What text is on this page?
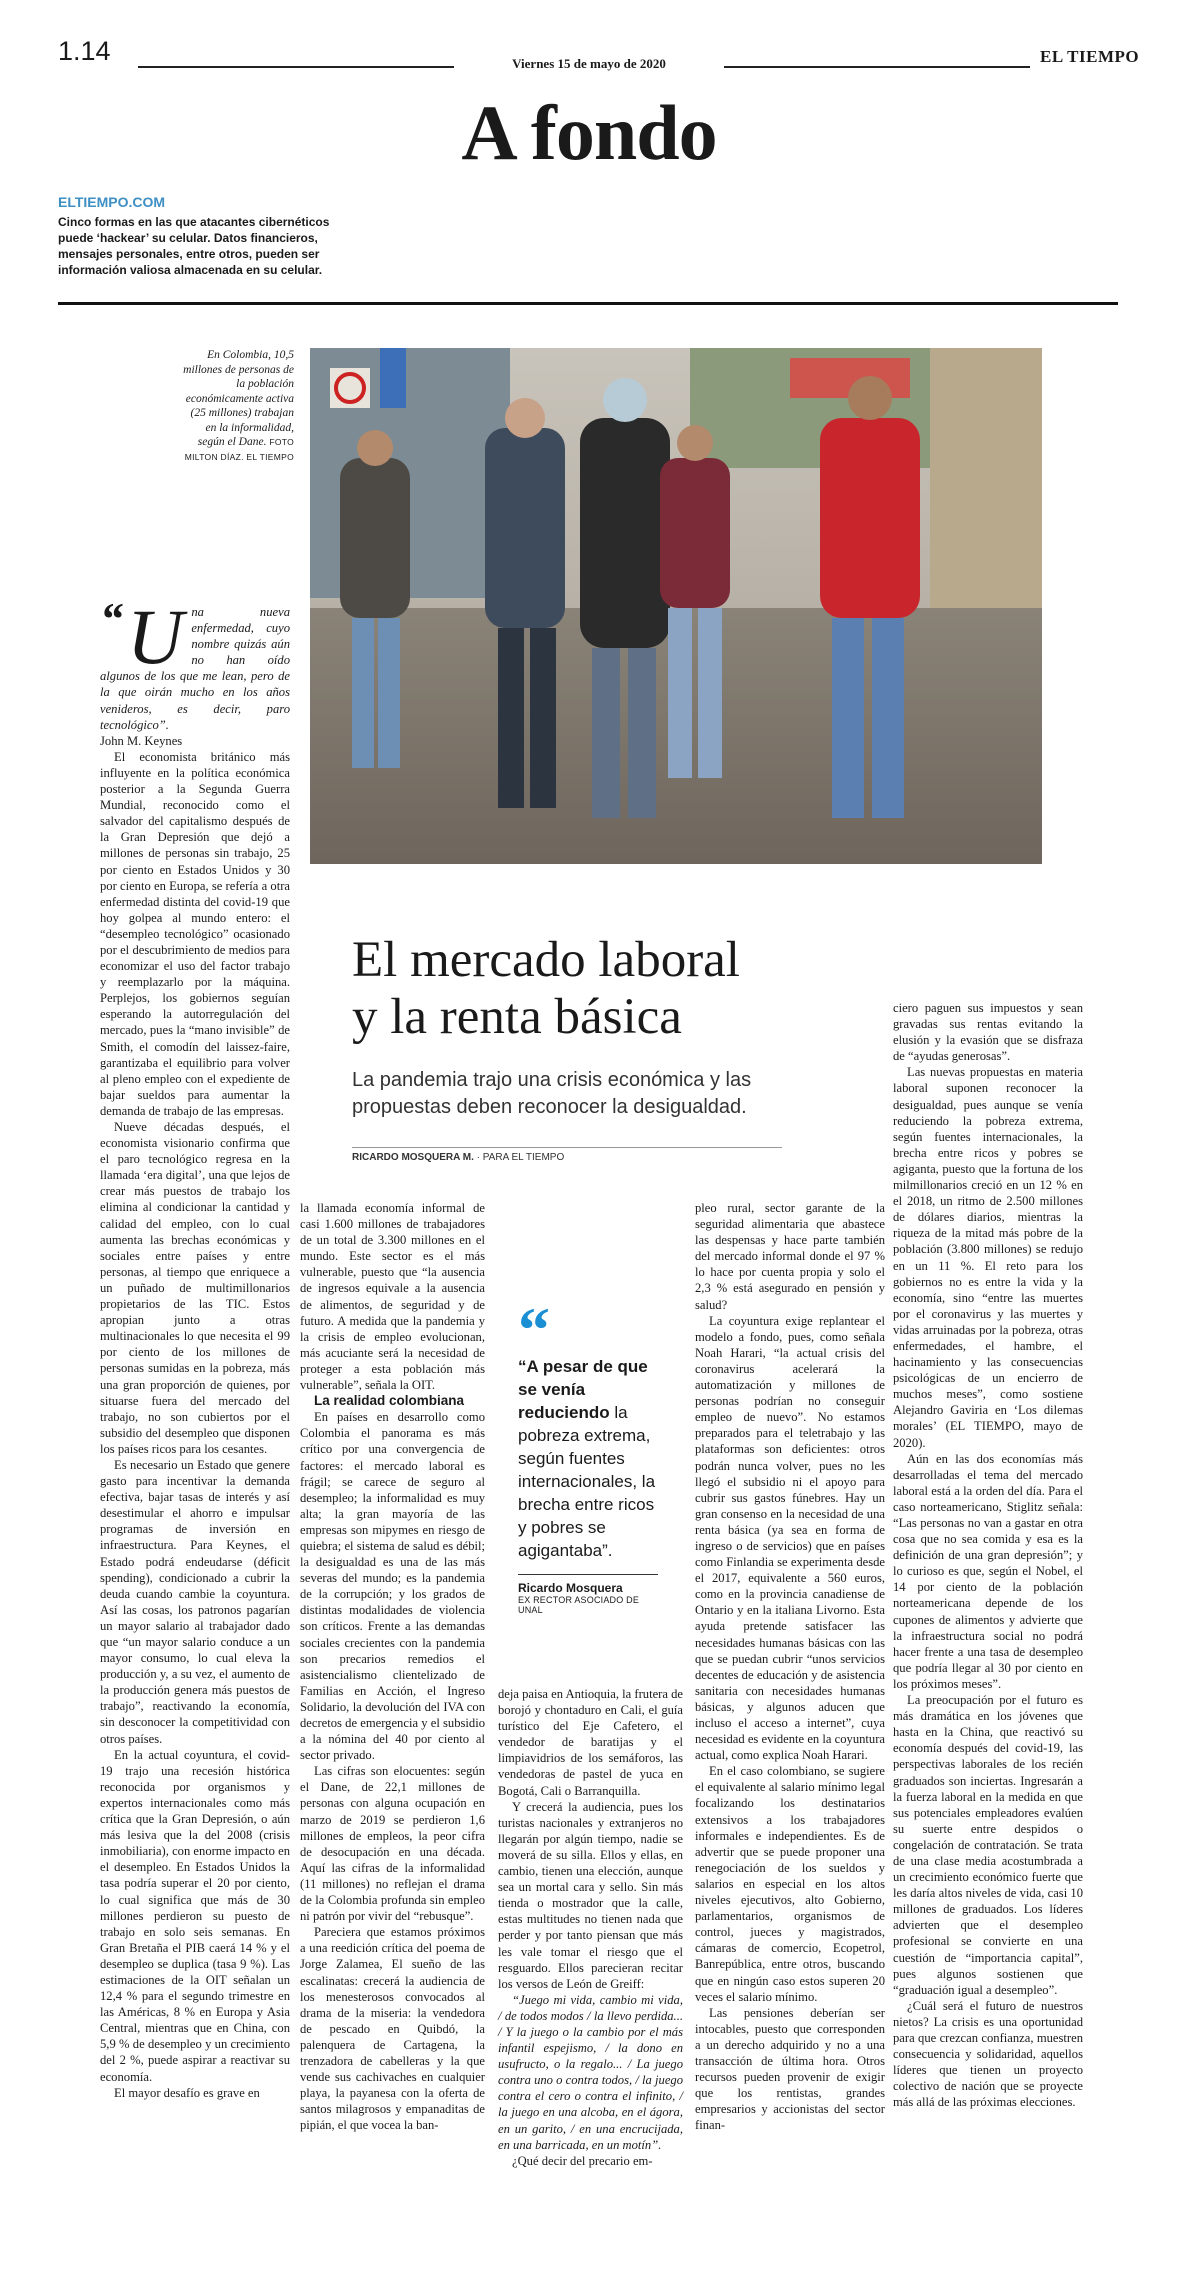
1.14	Viernes 15 de mayo de 2020	EL TIEMPO
A fondo
ELTIEMPO.COM
Cinco formas en las que atacantes cibernéticos puede ‘hackear’ su celular. Datos financieros, mensajes personales, entre otros, pueden ser información valiosa almacenada en su celular.
En Colombia, 10,5 millones de personas de la población económicamente activa (25 millones) trabajan en la informalidad, según el Dane. FOTO MILTON DÍAZ. EL TIEMPO

“ U na nueva enfermedad, cuyo nombre quizás aún no han oído algunos de los que me lean, pero de la que oirán mucho en los años venideros, es decir, paro tecnológico”.

John M. Keynes

El economista británico más influyente en la política económica posterior a la Segunda Guerra Mundial, reconocido como el salvador del capitalismo después de la Gran Depresión que dejó a millones de personas sin trabajo, 25 por ciento en Estados Unidos y 30 por ciento en Europa, se refería a otra enfermedad distinta del covid-19 que hoy golpea al mundo entero: el “desempleo tecnológico” ocasionado por el descubrimiento de medios para economizar el uso del factor trabajo y reemplazarlo por la máquina. Perplejos, los gobiernos seguían esperando la autorregulación del mercado, pues la “mano invisible” de Smith, el comodín del laissez-faire, garantizaba el equilibrio para volver al pleno empleo con el expediente de bajar sueldos para aumentar la demanda de trabajo de las empresas.

Nueve décadas después, el economista visionario confirma que el paro tecnológico regresa en la llamada ‘era digital’, una que lejos de crear más puestos de trabajo los elimina al condicionar la cantidad y calidad del empleo, con lo cual aumenta las brechas económicas y sociales entre países y entre personas, al tiempo que enriquece a un puñado de multimillonarios propietarios de las TIC. Estos apropian junto a otras multinacionales lo que necesita el 99 por ciento de los millones de personas sumidas en la pobreza, más una gran proporción de quienes, por situarse fuera del mercado del trabajo, no son cubiertos por el subsidio del desempleo que disponen los países ricos para los cesantes.

Es necesario un Estado que genere gasto para incentivar la demanda efectiva, bajar tasas de interés y así desestimular el ahorro e impulsar programas de inversión en infraestructura. Para Keynes, el Estado podrá endeudarse (déficit spending), condicionado a cubrir la deuda cuando cambie la coyuntura. Así las cosas, los patronos pagarían un mayor salario al trabajador dado que “un mayor salario conduce a un mayor consumo, lo cual eleva la producción y, a su vez, el aumento de la producción genera más puestos de trabajo”, reactivando la economía, sin desconocer la competitividad con otros países.

En la actual coyuntura, el covid-19 trajo una recesión histórica reconocida por organismos y expertos internacionales como más crítica que la Gran Depresión, o aún más lesiva que la del 2008 (crisis inmobiliaria), con enorme impacto en el desempleo. En Estados Unidos la tasa podría superar el 20 por ciento, lo cual significa que más de 30 millones perdieron su puesto de trabajo en solo seis semanas. En Gran Bretaña el PIB caerá 14 % y el desempleo se duplica (tasa 9 %). Las estimaciones de la OIT señalan un 12,4 % para el segundo trimestre en las Américas, 8 % en Europa y Asia Central, mientras que en China, con 5,9 % de desempleo y un crecimiento del 2 %, puede aspirar a reactivar su economía.

El mayor desafío es grave en

El mercado laboral
y la renta básica
La pandemia trajo una crisis económica y las propuestas deben reconocer la desigualdad.
RICARDO MOSQUERA M. · PARA EL TIEMPO

la llamada economía informal de casi 1.600 millones de trabajadores de un total de 3.300 millones en el mundo. Este sector es el más vulnerable, puesto que “la ausencia de ingresos equivale a la ausencia de alimentos, de seguridad y de futuro. A medida que la pandemia y la crisis de empleo evolucionan, más acuciante será la necesidad de proteger a esta población más vulnerable”, señala la OIT.

La realidad colombiana

En países en desarrollo como Colombia el panorama es más crítico por una convergencia de factores: el mercado laboral es frágil; se carece de seguro al desempleo; la informalidad es muy alta; la gran mayoría de las empresas son mipymes en riesgo de quiebra; el sistema de salud es débil; la desigualdad es una de las más severas del mundo; es la pandemia de la corrupción; y los grados de distintas modalidades de violencia son críticos. Frente a las demandas sociales crecientes con la pandemia son precarios remedios el asistencialismo clientelizado de Familias en Acción, el Ingreso Solidario, la devolución del IVA con decretos de emergencia y el subsidio a la nómina del 40 por ciento al sector privado.

Las cifras son elocuentes: según el Dane, de 22,1 millones de personas con alguna ocupación en marzo de 2019 se perdieron 1,6 millones de empleos, la peor cifra de desocupación en una década. Aquí las cifras de la informalidad (11 millones) no reflejan el drama de la Colombia profunda sin empleo ni patrón por vivir del “rebusque”.

Pareciera que estamos próximos a una reedición crítica del poema de Jorge Zalamea, El sueño de las escalinatas: crecerá la audiencia de los menesterosos convocados al drama de la miseria: la vendedora de pescado en Quibdó, la palenquera de Cartagena, la trenzadora de cabelleras y la que vende sus cachivaches en cualquier playa, la payanesa con la oferta de santos milagrosos y empanaditas de pipián, el que vocea la ban-

“
“A pesar de que se venía reduciendo la pobreza extrema, según fuentes internacionales, la brecha entre ricos y pobres se agigantaba”.
Ricardo Mosquera
EX RECTOR ASOCIADO DE UNAL

deja paisa en Antioquia, la frutera de borojó y chontaduro en Cali, el guía turístico del Eje Cafetero, el vendedor de baratijas y el limpiavidrios de los semáforos, las vendedoras de pastel de yuca en Bogotá, Cali o Barranquilla.

Y crecerá la audiencia, pues los turistas nacionales y extranjeros no llegarán por algún tiempo, nadie se moverá de su silla. Ellos y ellas, en cambio, tienen una elección, aunque sea un mortal cara y sello. Sin más tienda o mostrador que la calle, estas multitudes no tienen nada que perder y por tanto piensan que más les vale tomar el riesgo que el resguardo. Ellos parecieran recitar los versos de León de Greiff:

“Juego mi vida, cambio mi vida, / de todos modos / la llevo perdida... / Y la juego o la cambio por el más infantil espejismo, / la dono en usufructo, o la regalo... / La juego contra uno o contra todos, / la juego contra el cero o contra el infinito, / la juego en una alcoba, en el ágora, en un garito, / en una encrucijada, en una barricada, en un motín”.

¿Qué decir del precario em-

pleo rural, sector garante de la seguridad alimentaria que abastece las despensas y hace parte también del mercado informal donde el 97 % lo hace por cuenta propia y solo el 2,3 % está asegurado en pensión y salud?

La coyuntura exige replantear el modelo a fondo, pues, como señala Noah Harari, “la actual crisis del coronavirus acelerará la automatización y millones de personas podrían no conseguir empleo de nuevo”. No estamos preparados para el teletrabajo y las plataformas son deficientes: otros podrán nunca volver, pues no les llegó el subsidio ni el apoyo para cubrir sus gastos fúnebres. Hay un gran consenso en la necesidad de una renta básica (ya sea en forma de ingreso o de servicios) que en países como Finlandia se experimenta desde el 2017, equivalente a 560 euros, como en la provincia canadiense de Ontario y en la italiana Livorno. Esta ayuda pretende satisfacer las necesidades humanas básicas con las que se puedan cubrir “unos servicios decentes de educación y de asistencia sanitaria con necesidades humanas básicas, y algunos aducen que incluso el acceso a internet”, cuya necesidad es evidente en la coyuntura actual, como explica Noah Harari.

En el caso colombiano, se sugiere el equivalente al salario mínimo legal focalizando los destinatarios extensivos a los trabajadores informales e independientes. Es de advertir que se puede proponer una renegociación de los sueldos y salarios en especial en los altos niveles ejecutivos, alto Gobierno, parlamentarios, organismos de control, jueces y magistrados, cámaras de comercio, Ecopetrol, Banrepública, entre otros, buscando que en ningún caso estos superen 20 veces el salario mínimo.

Las pensiones deberían ser intocables, puesto que corresponden a un derecho adquirido y no a una transacción de última hora. Otros recursos pueden provenir de exigir que los rentistas, grandes empresarios y accionistas del sector finan-

ciero paguen sus impuestos y sean gravadas sus rentas evitando la elusión y la evasión que se disfraza de “ayudas generosas”.

Las nuevas propuestas en materia laboral suponen reconocer la desigualdad, pues aunque se venía reduciendo la pobreza extrema, según fuentes internacionales, la brecha entre ricos y pobres se agiganta, puesto que la fortuna de los milmillonarios creció en un 12 % en el 2018, un ritmo de 2.500 millones de dólares diarios, mientras la riqueza de la mitad más pobre de la población (3.800 millones) se redujo en un 11 %. El reto para los gobiernos no es entre la vida y la economía, sino “entre las muertes por el coronavirus y las muertes y vidas arruinadas por la pobreza, otras enfermedades, el hambre, el hacinamiento y las consecuencias psicológicas de un encierro de muchos meses”, como sostiene Alejandro Gaviria en ‘Los dilemas morales’ (EL TIEMPO, mayo de 2020).

Aún en las dos economías más desarrolladas el tema del mercado laboral está a la orden del día. Para el caso norteamericano, Stiglitz señala: “Las personas no van a gastar en otra cosa que no sea comida y esa es la definición de una gran depresión”; y lo curioso es que, según el Nobel, el 14 por ciento de la población norteamericana depende de los cupones de alimentos y advierte que la infraestructura social no podrá hacer frente a una tasa de desempleo que podría llegar al 30 por ciento en los próximos meses”.

La preocupación por el futuro es más dramática en los jóvenes que hasta en la China, que reactivó su economía después del covid-19, las perspectivas laborales de los recién graduados son inciertas. Ingresarán a la fuerza laboral en la medida en que sus potenciales empleadores evalúen su suerte entre despidos o congelación de contratación. Se trata de una clase media acostumbrada a un crecimiento económico fuerte que les daría altos niveles de vida, casi 10 millones de graduados. Los líderes advierten que el desempleo profesional se convierte en una cuestión de “importancia capital”, pues algunos sostienen que “graduación igual a desempleo”.

¿Cuál será el futuro de nuestros nietos? La crisis es una oportunidad para que crezcan confianza, muestren consecuencia y solidaridad, aquellos líderes que tienen un proyecto colectivo de nación que se proyecte más allá de las próximas elecciones.
